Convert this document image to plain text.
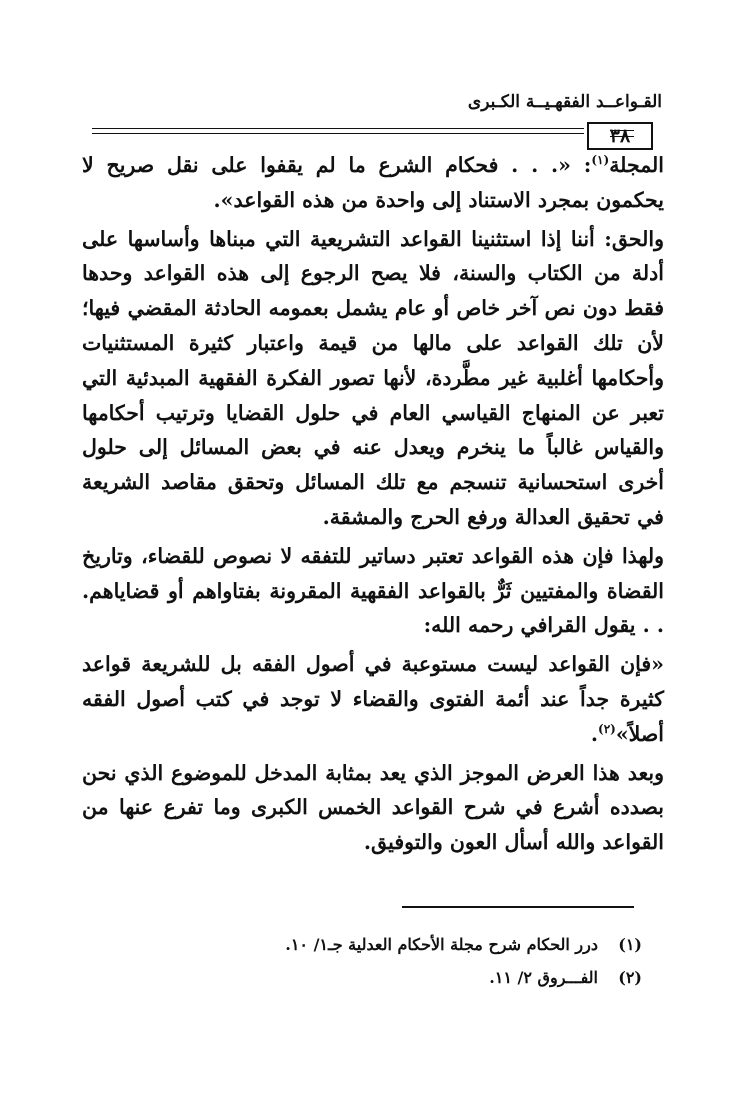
القـواعــد الفقهـيــة الكـبرى
٣٨

المجلة$^{(١)}$: «. . . فحكام الشرع ما لم يقفوا على نقل صريح لا يحكمون بمجرد الاستناد إلى واحدة من هذه القواعد».

والحق: أننا إذا استثنينا القواعد التشريعية التي مبناها وأساسها على أدلة من الكتاب والسنة، فلا يصح الرجوع إلى هذه القواعد وحدها فقط دون نص آخر خاص أو عام يشمل بعمومه الحادثة المقضي فيها؛ لأن تلك القواعد على مالها من قيمة واعتبار كثيرة المستثنيات وأحكامها أغلبية غير مطَّردة، لأنها تصور الفكرة الفقهية المبدئية التي تعبر عن المنهاج القياسي العام في حلول القضايا وترتيب أحكامها والقياس غالباً ما ينخرم ويعدل عنه في بعض المسائل إلى حلول أخرى استحسانية تنسجم مع تلك المسائل وتحقق مقاصد الشريعة في تحقيق العدالة ورفع الحرج والمشقة.

ولهذا فإن هذه القواعد تعتبر دساتير للتفقه لا نصوص للقضاء، وتاريخ القضاة والمفتيين ثَرٌّ بالقواعد الفقهية المقرونة بفتاواهم أو قضاياهم. . . يقول القرافي رحمه الله:

«فإن القواعد ليست مستوعبة في أصول الفقه بل للشريعة قواعد كثيرة جداً عند أئمة الفتوى والقضاء لا توجد في كتب أصول الفقه أصلاً»$^{(٢)}$.

وبعد هذا العرض الموجز الذي يعد بمثابة المدخل للموضوع الذي نحن بصدده أشرع في شرح القواعد الخمس الكبرى وما تفرع عنها من القواعد والله أسأل العون والتوفيق.

(١)درر الحكام شرح مجلة الأحكام العدلية جـ١/ ١٠.
(٢)الفـــروق ٢/ ١١.
